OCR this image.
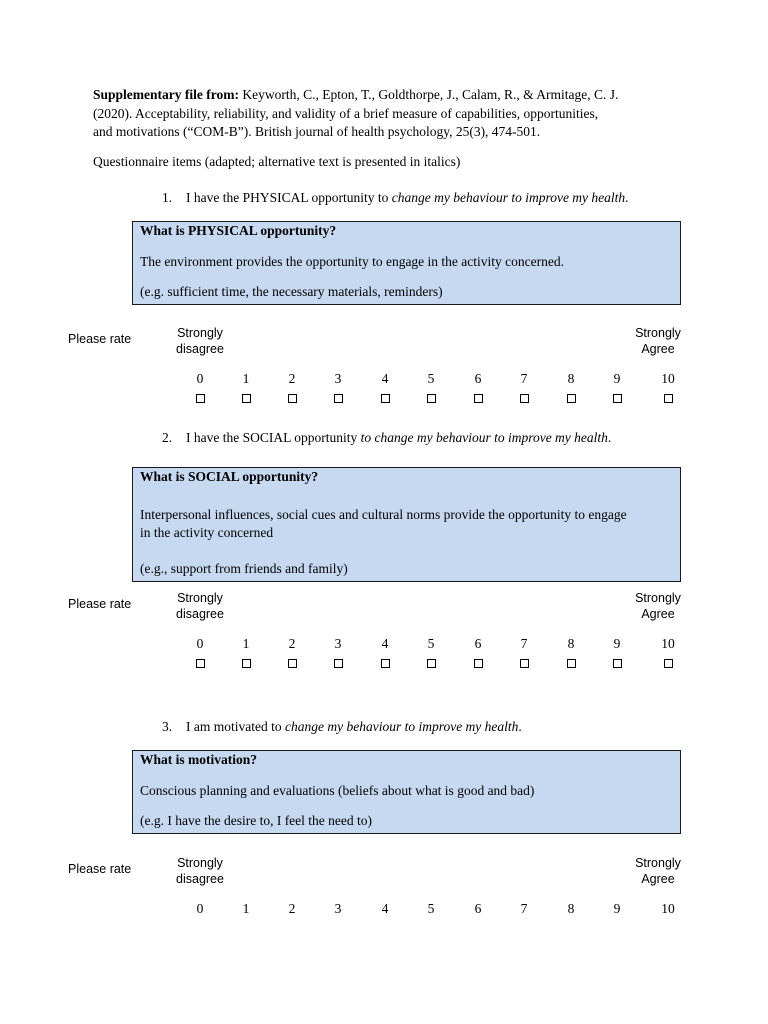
Supplementary file from: Keyworth, C., Epton, T., Goldthorpe, J., Calam, R., & Armitage, C. J.
(2020). Acceptability, reliability, and validity of a brief measure of capabilities, opportunities,
and motivations (“COM-B”). British journal of health psychology, 25(3), 474-501.
Questionnaire items (adapted; alternative text is presented in italics)
1. I have the PHYSICAL opportunity to change my behaviour to improve my health.

What is PHYSICAL opportunity?

The environment provides the opportunity to engage in the activity concerned.

(e.g. sufficient time, the necessary materials, reminders)

Please rate	Strongly
disagree
Strongly
Agree
0	1	2	3	4	5	6	7	8	9	10
2. I have the SOCIAL opportunity to change my behaviour to improve my health.

What is SOCIAL opportunity?

Interpersonal influences, social cues and cultural norms provide the opportunity to engage

in the activity concerned

(e.g., support from friends and family)

Please rate	Strongly
disagree
Strongly
Agree
0	1	2	3	4	5	6	7	8	9	10
3. I am motivated to change my behaviour to improve my health.

What is motivation?

Conscious planning and evaluations (beliefs about what is good and bad)

(e.g. I have the desire to, I feel the need to)

Please rate	Strongly
disagree
Strongly
Agree
0	1	2	3	4	5	6	7	8	9	10
